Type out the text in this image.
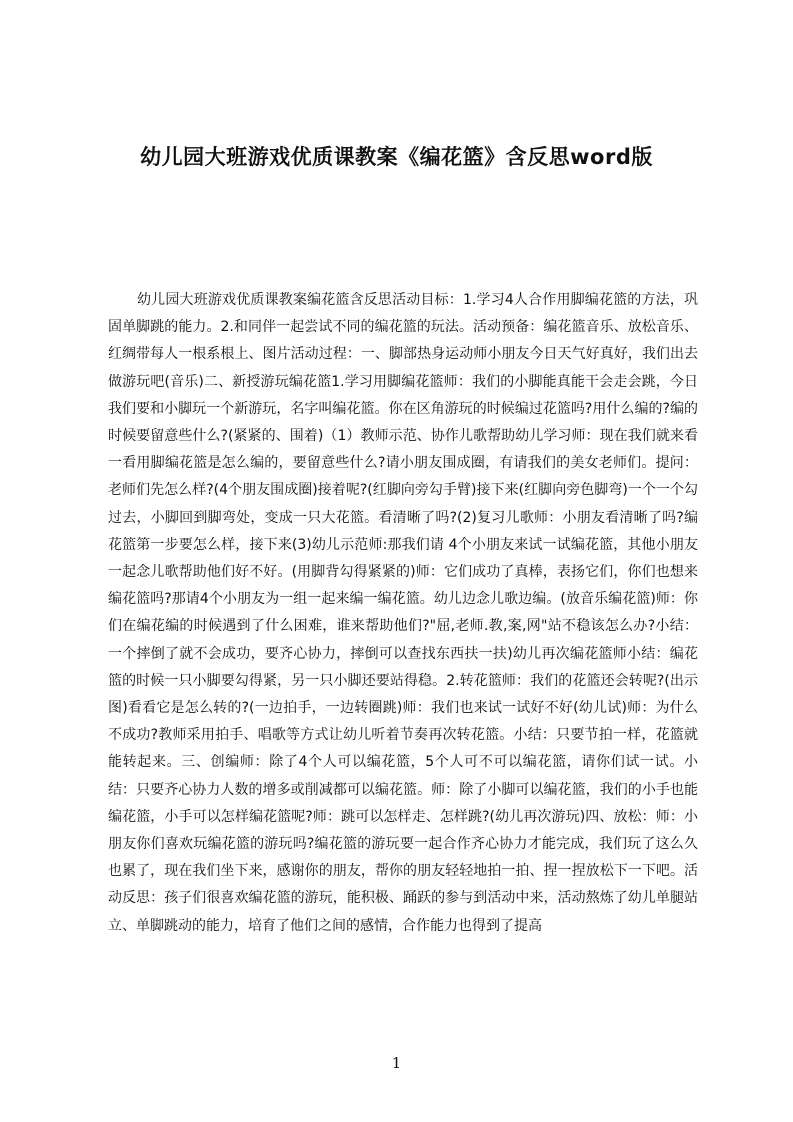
幼儿园大班游戏优质课教案《编花篮》含反思word版

幼儿园大班游戏优质课教案编花篮含反思活动目标：1.学习4人合作用脚编花篮的方法，巩固单脚跳的能力。2.和同伴一起尝试不同的编花篮的玩法。活动预备：编花篮音乐、放松音乐、红绸带每人一根系根上、图片活动过程：一、脚部热身运动师小朋友今日天气好真好，我们出去做游玩吧(音乐)二、新授游玩编花篮1.学习用脚编花篮师：我们的小脚能真能干会走会跳，今日我们要和小脚玩一个新游玩，名字叫编花篮。你在区角游玩的时候编过花篮吗?用什么编的?编的时候要留意些什么?(紧紧的、围着)（1）教师示范、协作儿歌帮助幼儿学习师：现在我们就来看一看用脚编花篮是怎么编的，要留意些什么?请小朋友围成圈，有请我们的美女老师们。提问：老师们先怎么样?(4个朋友围成圈)接着呢?(红脚向旁勾手臂)接下来(红脚向旁色脚弯)一个一个勾过去，小脚回到脚弯处，变成一只大花篮。看清晰了吗?(2)复习儿歌师：小朋友看清晰了吗?编花篮第一步要怎么样，接下来(3)幼儿示范师:那我们请 4个小朋友来试一试编花篮，其他小朋友一起念儿歌帮助他们好不好。(用脚背勾得紧紧的)师：它们成功了真棒，表扬它们，你们也想来编花篮吗?那请4个小朋友为一组一起来编一编花篮。幼儿边念儿歌边编。(放音乐编花篮)师：你们在编花编的时候遇到了什么困难，谁来帮助他们?"屈,老师.教,案,网"站不稳该怎么办?小结：一个摔倒了就不会成功，要齐心协力，摔倒可以查找东西扶一扶)幼儿再次编花篮师小结：编花篮的时候一只小脚要勾得紧，另一只小脚还要站得稳。2.转花篮师：我们的花篮还会转呢?(出示图)看看它是怎么转的?(一边拍手，一边转圈跳)师：我们也来试一试好不好(幼儿试)师：为什么不成功?教师采用拍手、唱歌等方式让幼儿听着节奏再次转花篮。小结：只要节拍一样，花篮就能转起来。三、创编师：除了4个人可以编花篮，5个人可不可以编花篮，请你们试一试。小结：只要齐心协力人数的增多或削减都可以编花篮。师：除了小脚可以编花篮，我们的小手也能编花篮，小手可以怎样编花篮呢?师：跳可以怎样走、怎样跳?(幼儿再次游玩)四、放松：师：小朋友你们喜欢玩编花篮的游玩吗?编花篮的游玩要一起合作齐心协力才能完成，我们玩了这么久也累了，现在我们坐下来，感谢你的朋友，帮你的朋友轻轻地拍一拍、捏一捏放松下一下吧。活动反思：孩子们很喜欢编花篮的游玩，能积极、踊跃的参与到活动中来，活动熬炼了幼儿单腿站立、单脚跳动的能力，培育了他们之间的感情，合作能力也得到了提高

1
